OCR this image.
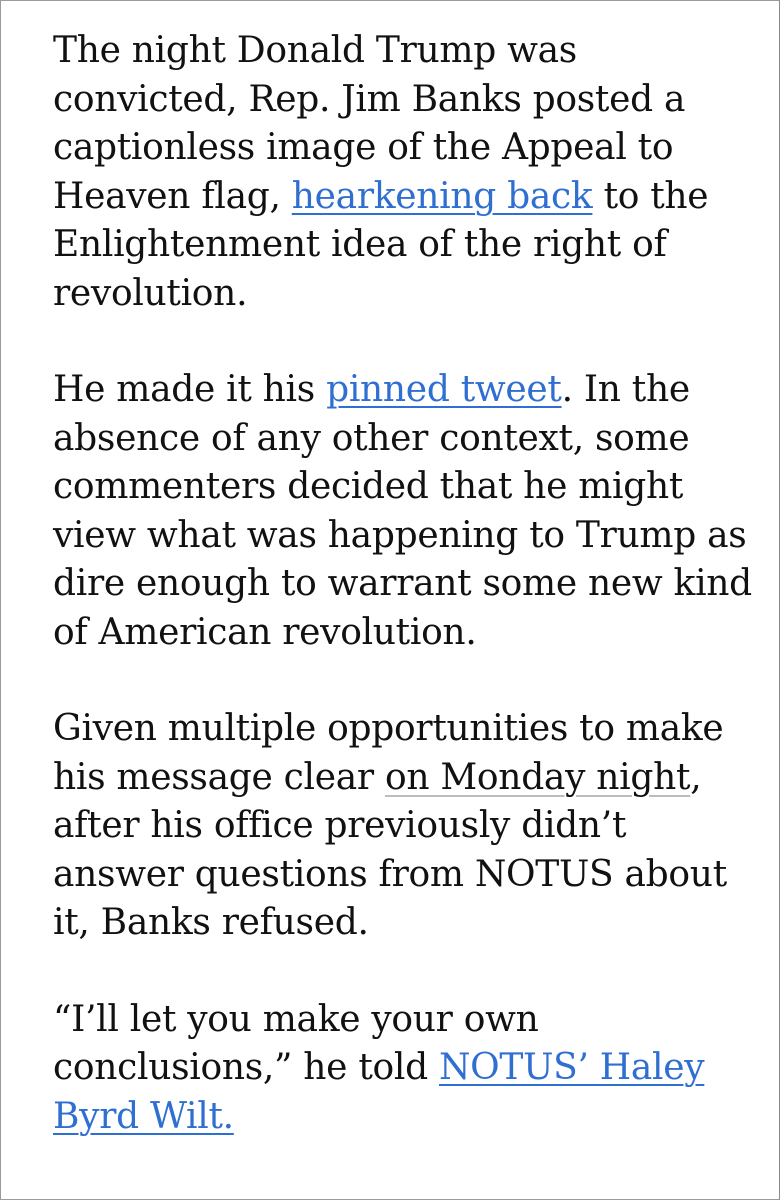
The night Donald Trump was convicted, Rep. Jim Banks posted a captionless image of the Appeal to Heaven flag, hearkening back to the Enlightenment idea of the right of revolution.

He made it his pinned tweet. In the absence of any other context, some commenters decided that he might view what was happening to Trump as dire enough to warrant some new kind of American revolution.

Given multiple opportunities to make his message clear on Monday night, after his office previously didn’t answer questions from NOTUS about it, Banks refused.

“I’ll let you make your own conclusions,” he told NOTUS’ Haley Byrd Wilt.
